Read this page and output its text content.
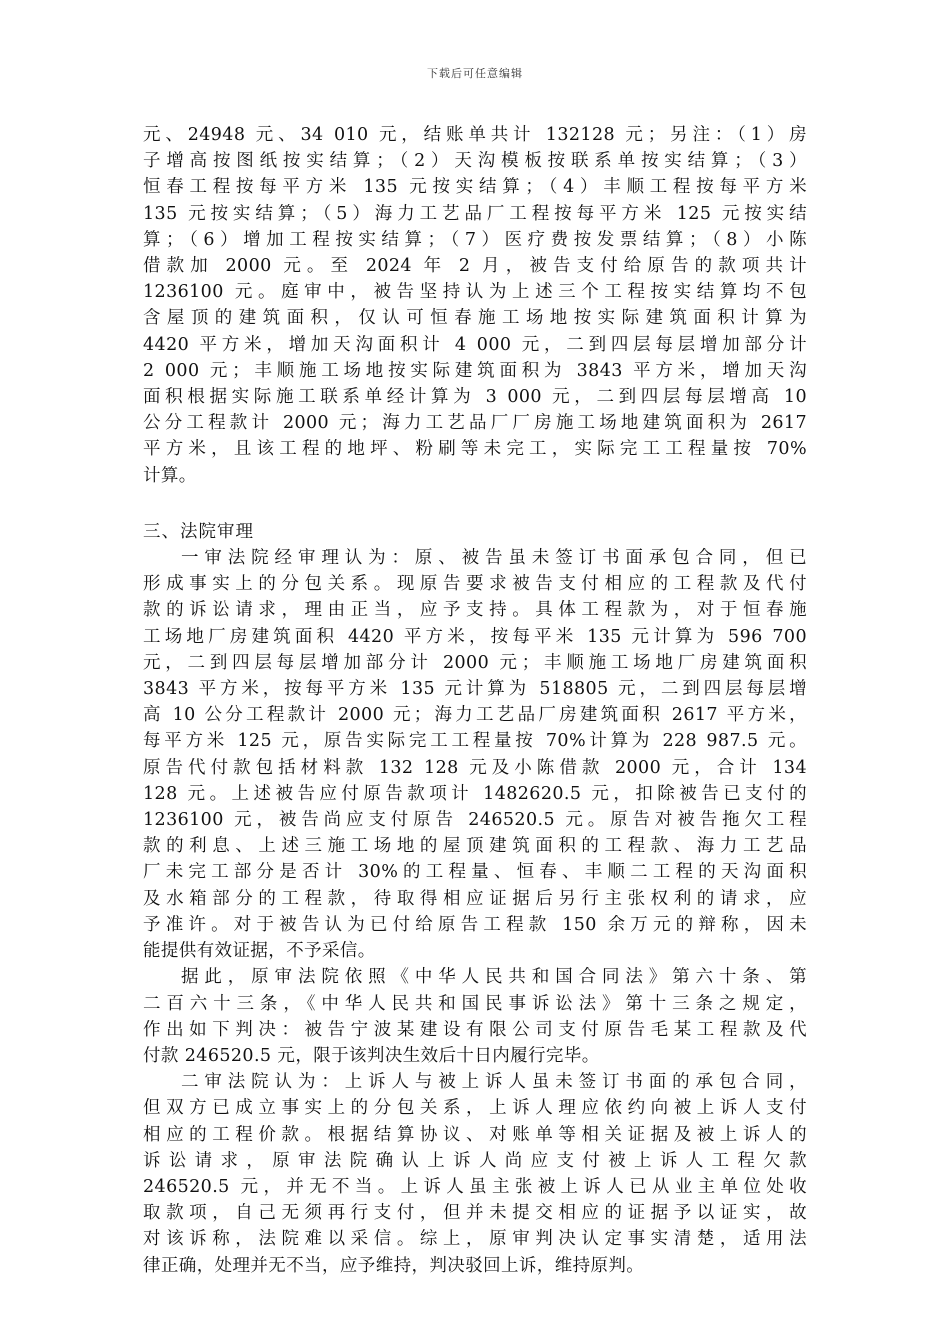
下载后可任意编辑
元、24948 元、34 010 元，结账单共计 132128 元；另注：（1）房
子增高按图纸按实结算；（2）天沟模板按联系单按实结算；（3）
恒春工程按每平方米 135 元按实结算；（4）丰顺工程按每平方米
135 元按实结算；（5）海力工艺品厂工程按每平方米 125 元按实结
算；（6）增加工程按实结算；（7）医疗费按发票结算；（8）小陈
借款加 2000 元。至 2024 年 2 月，被告支付给原告的款项共计
1236100 元。庭审中，被告坚持认为上述三个工程按实结算均不包
含屋顶的建筑面积，仅认可恒春施工场地按实际建筑面积计算为
4420 平方米，增加天沟面积计 4 000 元，二到四层每层增加部分计
2 000 元；丰顺施工场地按实际建筑面积为 3843 平方米，增加天沟
面积根据实际施工联系单经计算为 3 000 元，二到四层每层增高 10
公分工程款计 2000 元；海力工艺品厂厂房施工场地建筑面积为 2617
平方米，且该工程的地坪、粉刷等未完工，实际完工工程量按 70%
计算。
三、法院审理
一审法院经审理认为：原、被告虽未签订书面承包合同，但已
形成事实上的分包关系。现原告要求被告支付相应的工程款及代付
款的诉讼请求，理由正当，应予支持。具体工程款为，对于恒春施
工场地厂房建筑面积 4420 平方米，按每平米 135 元计算为 596 700
元，二到四层每层增加部分计 2000 元；丰顺施工场地厂房建筑面积
3843 平方米，按每平方米 135 元计算为 518805 元，二到四层每层增
高 10 公分工程款计 2000 元；海力工艺品厂房建筑面积 2617 平方米，
每平方米 125 元，原告实际完工工程量按 70%计算为 228 987.5 元。
原告代付款包括材料款 132 128 元及小陈借款 2000 元，合计 134
128 元。上述被告应付原告款项计 1482620.5 元，扣除被告已支付的
1236100 元，被告尚应支付原告 246520.5 元。原告对被告拖欠工程
款的利息、上述三施工场地的屋顶建筑面积的工程款、海力工艺品
厂未完工部分是否计 30%的工程量、恒春、丰顺二工程的天沟面积
及水箱部分的工程款，待取得相应证据后另行主张权利的请求，应
予准许。对于被告认为已付给原告工程款 150 余万元的辩称，因未
能提供有效证据，不予采信。
据此，原审法院依照《中华人民共和国合同法》第六十条、第
二百六十三条，《中华人民共和国民事诉讼法》第十三条之规定，
作出如下判决：被告宁波某建设有限公司支付原告毛某工程款及代
付款 246520.5 元，限于该判决生效后十日内履行完毕。
二审法院认为：上诉人与被上诉人虽未签订书面的承包合同，
但双方已成立事实上的分包关系，上诉人理应依约向被上诉人支付
相应的工程价款。根据结算协议、对账单等相关证据及被上诉人的
诉讼请求，原审法院确认上诉人尚应支付被上诉人工程欠款
246520.5 元，并无不当。上诉人虽主张被上诉人已从业主单位处收
取款项，自己无须再行支付，但并未提交相应的证据予以证实，故
对该诉称，法院难以采信。综上，原审判决认定事实清楚，适用法
律正确，处理并无不当，应予维持，判决驳回上诉，维持原判。
